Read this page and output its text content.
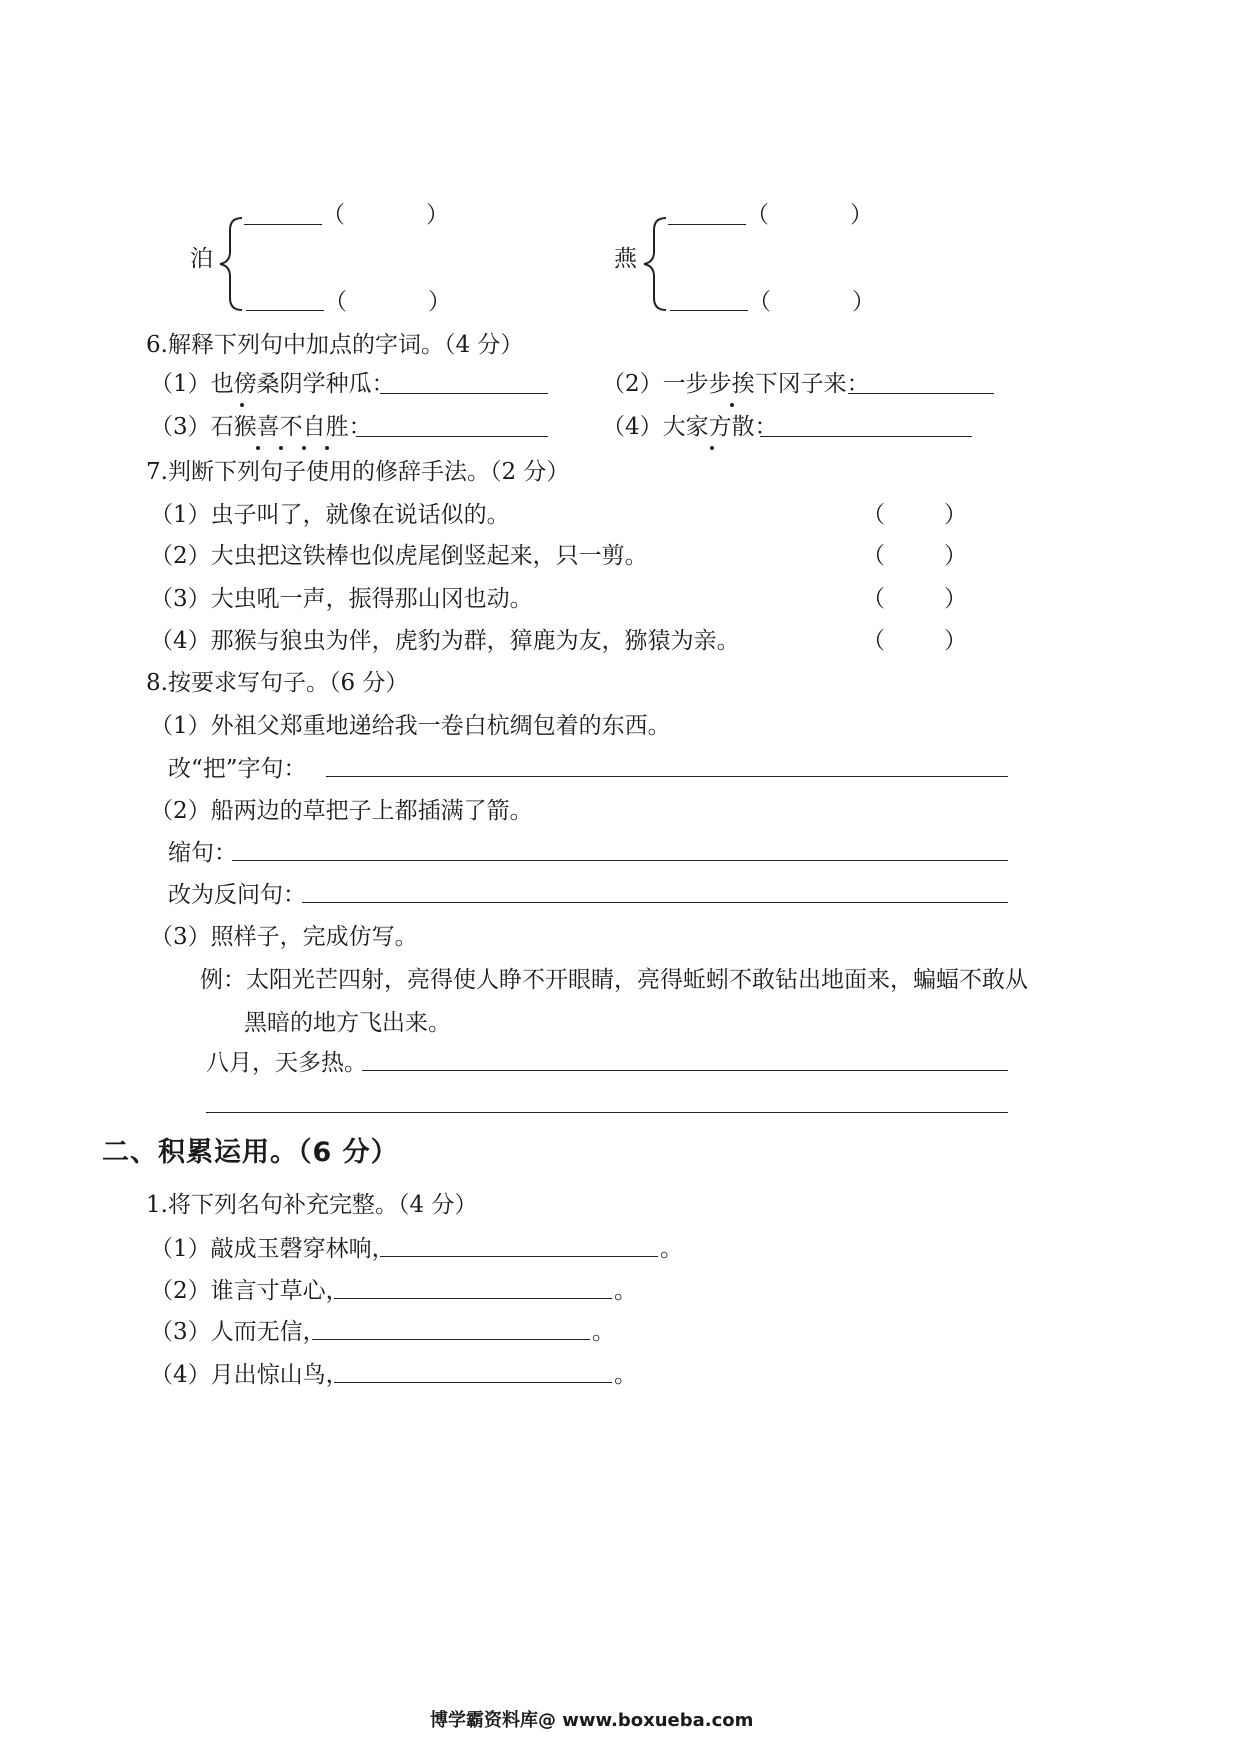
（	）
泊
（	）
（	）
燕
（	）
6.解释下列句中加点的字词。（4 分）
（1）也傍桑阴学种瓜：	（2）一步步挨下冈子来：
（3）石猴喜不自胜：	（4）大家方散：
7.判断下列句子使用的修辞手法。（2 分）
（1）虫子叫了，就像在说话似的。	（	）
（2）大虫把这铁棒也似虎尾倒竖起来，只一剪。	（	）
（3）大虫吼一声，振得那山冈也动。	（	）
（4）那猴与狼虫为伴，虎豹为群，獐鹿为友，猕猿为亲。	（	）
8.按要求写句子。（6 分）
（1）外祖父郑重地递给我一卷白杭绸包着的东西。
改“把”字句：
（2）船两边的草把子上都插满了箭。
缩句：
改为反问句：
（3）照样子，完成仿写。
例：太阳光芒四射，亮得使人睁不开眼睛，亮得蚯蚓不敢钻出地面来，蝙蝠不敢从
黑暗的地方飞出来。
八月，天多热。
二、积累运用。（6 分）
1.将下列名句补充完整。（4 分）
（1）敲成玉磬穿林响，	。
（2）谁言寸草心，	。
（3）人而无信，	。
（4）月出惊山鸟，	。
博学霸资料库@ www.boxueba.com
